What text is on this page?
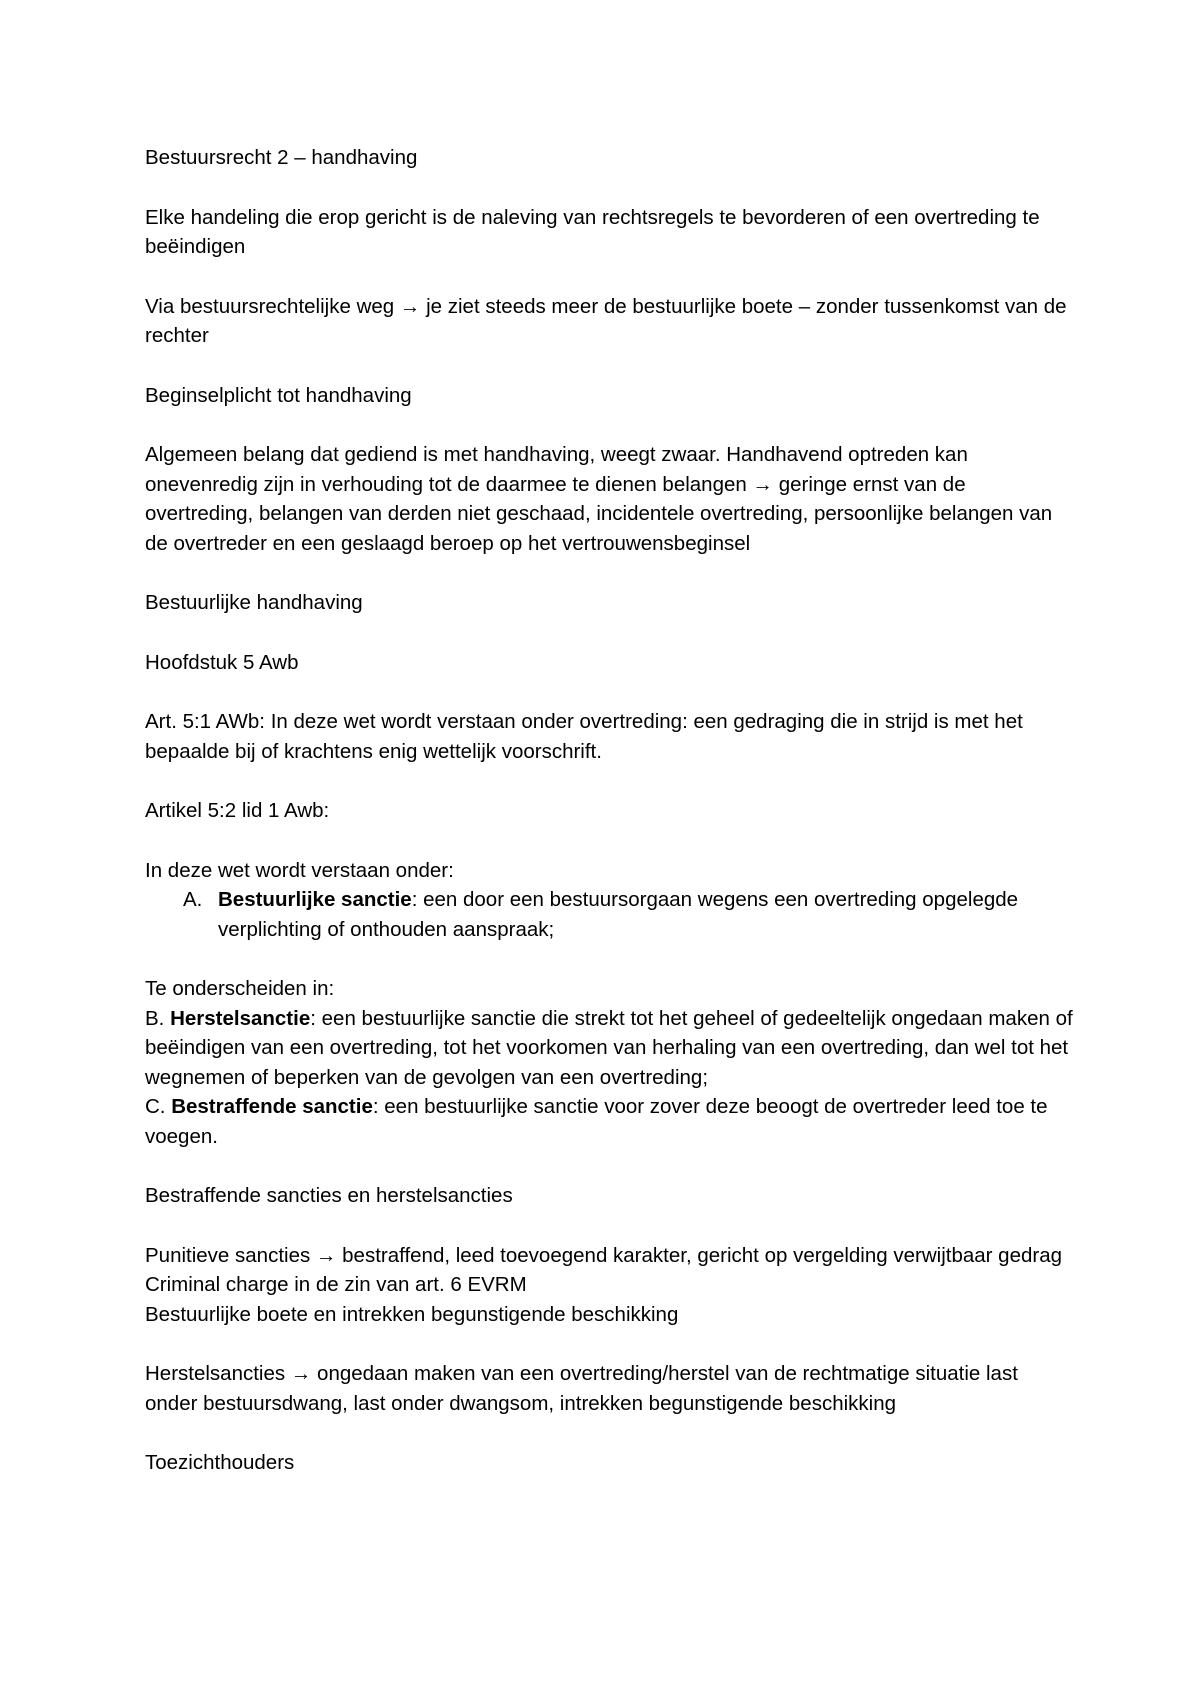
Bestuursrecht 2 – handhaving

Elke handeling die erop gericht is de naleving van rechtsregels te bevorderen of een overtreding te beëindigen

Via bestuursrechtelijke weg → je ziet steeds meer de bestuurlijke boete – zonder tussenkomst van de rechter

Beginselplicht tot handhaving

Algemeen belang dat gediend is met handhaving, weegt zwaar. Handhavend optreden kan onevenredig zijn in verhouding tot de daarmee te dienen belangen → geringe ernst van de overtreding, belangen van derden niet geschaad, incidentele overtreding, persoonlijke belangen van de overtreder en een geslaagd beroep op het vertrouwensbeginsel

Bestuurlijke handhaving

Hoofdstuk 5 Awb

Art. 5:1 AWb: In deze wet wordt verstaan onder overtreding: een gedraging die in strijd is met het bepaalde bij of krachtens enig wettelijk voorschrift.

Artikel 5:2 lid 1 Awb:

In deze wet wordt verstaan onder:

A. Bestuurlijke sanctie: een door een bestuursorgaan wegens een overtreding opgelegde verplichting of onthouden aanspraak;

Te onderscheiden in:

B. Herstelsanctie: een bestuurlijke sanctie die strekt tot het geheel of gedeeltelijk ongedaan maken of beëindigen van een overtreding, tot het voorkomen van herhaling van een overtreding, dan wel tot het wegnemen of beperken van de gevolgen van een overtreding;

C. Bestraffende sanctie: een bestuurlijke sanctie voor zover deze beoogt de overtreder leed toe te voegen.

Bestraffende sancties en herstelsancties

Punitieve sancties → bestraffend, leed toevoegend karakter, gericht op vergelding verwijtbaar gedrag

Criminal charge in de zin van art. 6 EVRM

Bestuurlijke boete en intrekken begunstigende beschikking

Herstelsancties → ongedaan maken van een overtreding/herstel van de rechtmatige situatie last onder bestuursdwang, last onder dwangsom, intrekken begunstigende beschikking

Toezichthouders
